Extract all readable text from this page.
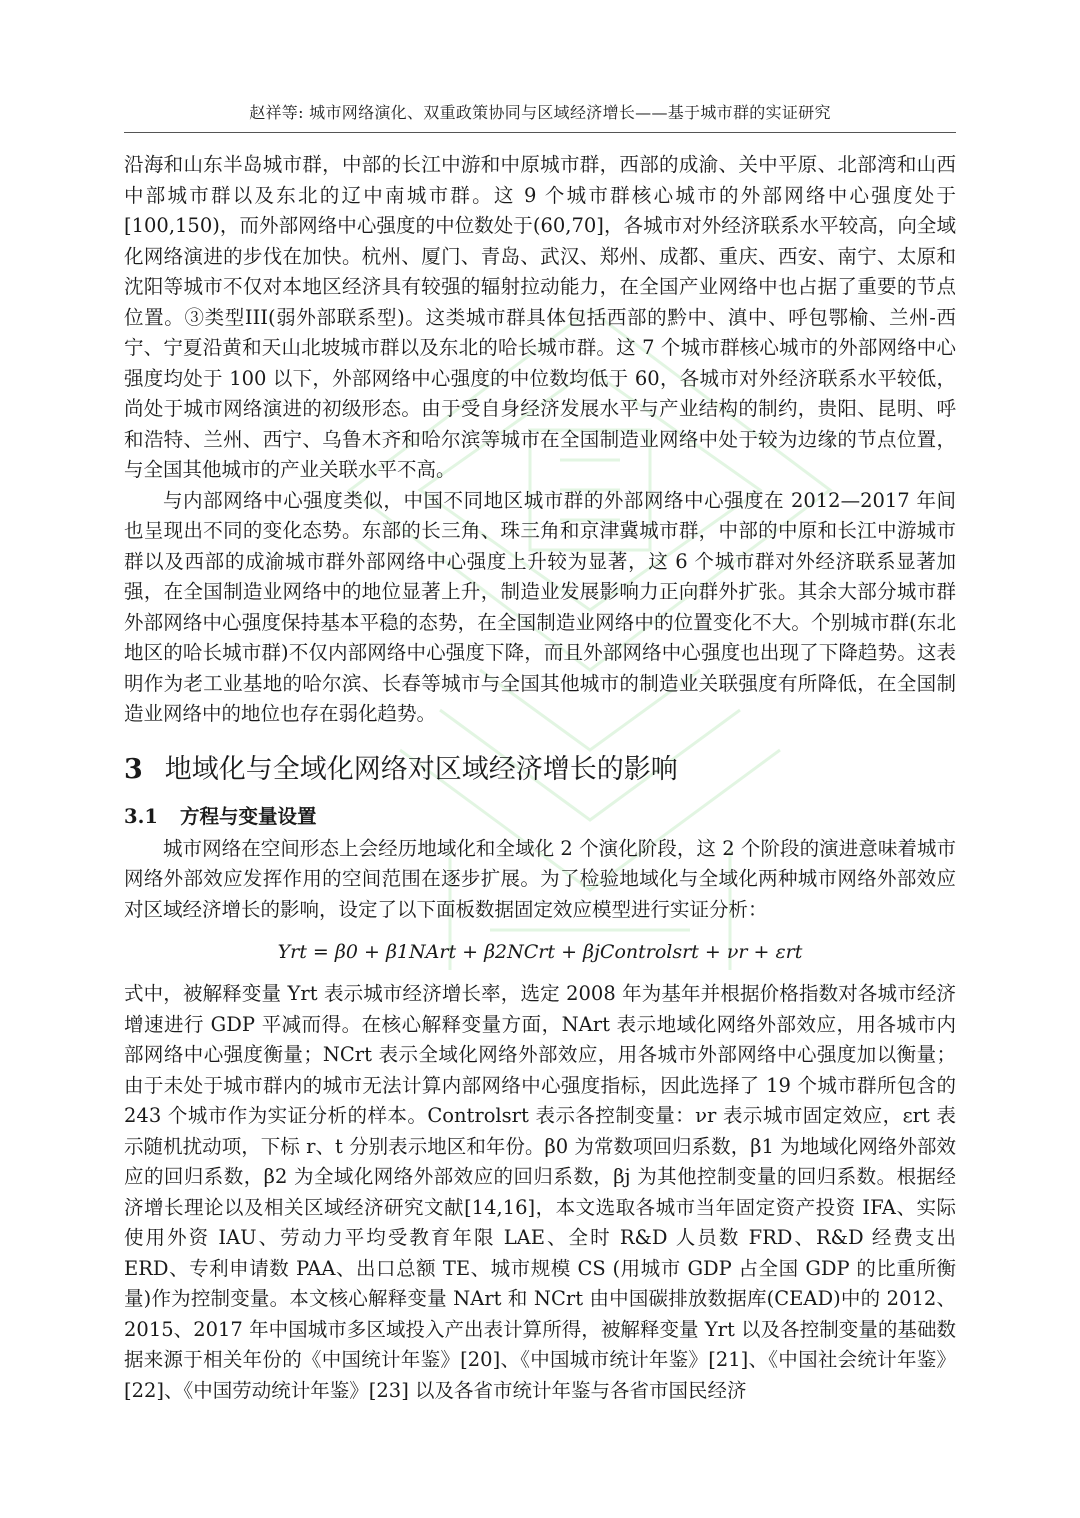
赵祥等: 城市网络演化、双重政策协同与区域经济增长——基于城市群的实证研究

沿海和山东半岛城市群，中部的长江中游和中原城市群，西部的成渝、关中平原、北部湾和山西中部城市群以及东北的辽中南城市群。这 9 个城市群核心城市的外部网络中心强度处于 [100,150)，而外部网络中心强度的中位数处于(60,70]，各城市对外经济联系水平较高，向全域化网络演进的步伐在加快。杭州、厦门、青岛、武汉、郑州、成都、重庆、西安、南宁、太原和沈阳等城市不仅对本地区经济具有较强的辐射拉动能力，在全国产业网络中也占据了重要的节点位置。③类型III(弱外部联系型)。这类城市群具体包括西部的黔中、滇中、呼包鄂榆、兰州-西宁、宁夏沿黄和天山北坡城市群以及东北的哈长城市群。这 7 个城市群核心城市的外部网络中心强度均处于 100 以下，外部网络中心强度的中位数均低于 60，各城市对外经济联系水平较低，尚处于城市网络演进的初级形态。由于受自身经济发展水平与产业结构的制约，贵阳、昆明、呼和浩特、兰州、西宁、乌鲁木齐和哈尔滨等城市在全国制造业网络中处于较为边缘的节点位置，与全国其他城市的产业关联水平不高。

与内部网络中心强度类似，中国不同地区城市群的外部网络中心强度在 2012—2017 年间也呈现出不同的变化态势。东部的长三角、珠三角和京津冀城市群，中部的中原和长江中游城市群以及西部的成渝城市群外部网络中心强度上升较为显著，这 6 个城市群对外经济联系显著加强，在全国制造业网络中的地位显著上升，制造业发展影响力正向群外扩张。其余大部分城市群外部网络中心强度保持基本平稳的态势，在全国制造业网络中的位置变化不大。个别城市群(东北地区的哈长城市群)不仅内部网络中心强度下降，而且外部网络中心强度也出现了下降趋势。这表明作为老工业基地的哈尔滨、长春等城市与全国其他城市的制造业关联强度有所降低，在全国制造业网络中的地位也存在弱化趋势。

3 地域化与全域化网络对区域经济增长的影响
3.1 方程与变量设置

城市网络在空间形态上会经历地域化和全域化 2 个演化阶段，这 2 个阶段的演进意味着城市网络外部效应发挥作用的空间范围在逐步扩展。为了检验地域化与全域化两种城市网络外部效应对区域经济增长的影响，设定了以下面板数据固定效应模型进行实证分析：

Yrt = β0 + β1NArt + β2NCrt + βjControlsrt + νr + εrt

式中，被解释变量 Yrt 表示城市经济增长率，选定 2008 年为基年并根据价格指数对各城市经济增速进行 GDP 平减而得。在核心解释变量方面，NArt 表示地域化网络外部效应，用各城市内部网络中心强度衡量；NCrt 表示全域化网络外部效应，用各城市外部网络中心强度加以衡量；由于未处于城市群内的城市无法计算内部网络中心强度指标，因此选择了 19 个城市群所包含的 243 个城市作为实证分析的样本。Controlsrt 表示各控制变量：νr 表示城市固定效应，εrt 表示随机扰动项，下标 r、t 分别表示地区和年份。β0 为常数项回归系数，β1 为地域化网络外部效应的回归系数，β2 为全域化网络外部效应的回归系数，βj 为其他控制变量的回归系数。根据经济增长理论以及相关区域经济研究文献[14,16]，本文选取各城市当年固定资产投资 IFA、实际使用外资 IAU、劳动力平均受教育年限 LAE、全时 R&D 人员数 FRD、R&D 经费支出 ERD、专利申请数 PAA、出口总额 TE、城市规模 CS (用城市 GDP 占全国 GDP 的比重所衡量)作为控制变量。本文核心解释变量 NArt 和 NCrt 由中国碳排放数据库(CEAD)中的 2012、2015、2017 年中国城市多区域投入产出表计算所得，被解释变量 Yrt 以及各控制变量的基础数据来源于相关年份的《中国统计年鉴》[20]、《中国城市统计年鉴》[21]、《中国社会统计年鉴》[22]、《中国劳动统计年鉴》[23] 以及各省市统计年鉴与各省市国民经济
